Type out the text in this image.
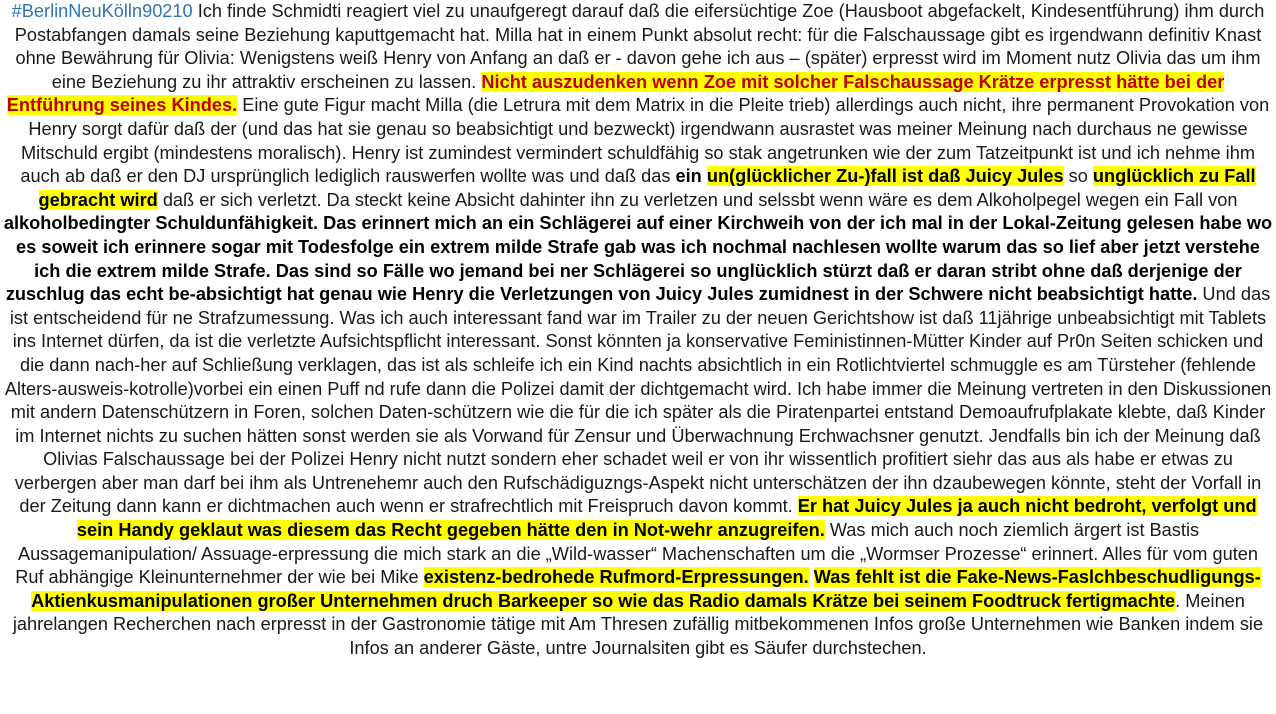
#BerlinNeuKölln90210 Ich finde Schmidti reagiert viel zu unaufgeregt darauf daß die eifersüchtige Zoe (Hausboot abgefackelt, Kindesentführung) ihm durch Postabfangen damals seine Beziehung kaputtgemacht hat. Milla hat in einem Punkt absolut recht: für die Falschaussage gibt es irgendwann definitiv Knast ohne Bewährung für Olivia: Wenigstens weiß Henry von Anfang an daß er - davon gehe ich aus – (später) erpresst wird im Moment nutz Olivia das um ihm eine Beziehung zu ihr attraktiv erscheinen zu lassen. Nicht auszudenken wenn Zoe mit solcher Falschaussage Krätze erpresst hätte bei der Entführung seines Kindes. Eine gute Figur macht Milla (die Letrura mit dem Matrix in die Pleite trieb) allerdings auch nicht, ihre permanent Provokation von Henry sorgt dafür daß der (und das hat sie genau so beabsichtigt und bezweckt) irgendwann ausrastet was meiner Meinung nach durchaus ne gewisse Mitschuld ergibt (mindestens moralisch). Henry ist zumindest vermindert schuldfähig so stak angetrunken wie der zum Tatzeitpunkt ist und ich nehme ihm auch ab daß er den DJ ursprünglich lediglich rauswerfen wollte was und daß das ein un(glücklicher Zu-)fall ist daß Juicy Jules so unglücklich zu Fall gebracht wird daß er sich verletzt. Da steckt keine Absicht dahinter ihn zu verletzen und selssbt wenn wäre es dem Alkoholpegel wegen ein Fall von alkoholbedingter Schuldunfähigkeit. Das erinnert mich an ein Schlägerei auf einer Kirchweih von der ich mal in der Lokal-Zeitung gelesen habe wo es soweit ich erinnere sogar mit Todesfolge ein extrem milde Strafe gab was ich nochmal nachlesen wollte warum das so lief aber jetzt verstehe ich die extrem milde Strafe. Das sind so Fälle wo jemand bei ner Schlägerei so unglücklich stürzt daß er daran stribt ohne daß derjenige der zuschlug das echt be-absichtigt hat genau wie Henry die Verletzungen von Juicy Jules zumidnest in der Schwere nicht beabsichtigt hatte. Und das ist entscheidend für ne Strafzumessung. Was ich auch interessant fand war im Trailer zu der neuen Gerichtshow ist daß 11jährige unbeabsichtigt mit Tablets ins Internet dürfen, da ist die verletzte Aufsichtspflicht interessant. Sonst könnten ja konservative Feministinnen-Mütter Kinder auf Pr0n Seiten schicken und die dann nach-her auf Schließung verklagen, das ist als schleife ich ein Kind nachts absichtlich in ein Rotlichtviertel schmuggle es am Türsteher (fehlende Alters-ausweis-kotrolle)vorbei ein einen Puff nd rufe dann die Polizei damit der dichtgemacht wird. Ich habe immer die Meinung vertreten in den Diskussionen mit andern Datenschützern in Foren, solchen Daten-schützern wie die für die ich später als die Piratenpartei entstand Demoaufrufplakate klebte, daß Kinder im Internet nichts zu suchen hätten sonst werden sie als Vorwand für Zensur und Überwachnung Erchwachsner genutzt. Jendfalls bin ich der Meinung daß Olivias Falschaussage bei der Polizei Henry nicht nutzt sondern eher schadet weil er von ihr wissentlich profitiert siehr das aus als habe er etwas zu verbergen aber man darf bei ihm als Untrenehemr auch den Rufschädiguzngs-Aspekt nicht unterschätzen der ihn dzaubewegen könnte, steht der Vorfall in der Zeitung dann kann er dichtmachen auch wenn er strafrechtlich mit Freispruch davon kommt. Er hat Juicy Jules ja auch nicht bedroht, verfolgt und sein Handy geklaut was diesem das Recht gegeben hätte den in Not-wehr anzugreifen. Was mich auch noch ziemlich ärgert ist Bastis Aussagemanipulation/ Assuage-erpressung die mich stark an die „Wild-wasser“ Machenschaften um die „Wormser Prozesse“ erinnert. Alles für vom guten Ruf abhängige Kleinunternehmer der wie bei Mike existenz-bedrohede Rufmord-Erpressungen. Was fehlt ist die Fake-News-Faslchbeschudligungs-Aktienkusmanipulationen großer Unternehmen druch Barkeeper so wie das Radio damals Krätze bei seinem Foodtruck fertigmachte. Meinen jahrelangen Recherchen nach erpresst in der Gastronomie tätige mit Am Thresen zufällig mitbekommenen Infos große Unternehmen wie Banken indem sie Infos an anderer Gäste, untre Journalsiten gibt es Säufer durchstechen.
